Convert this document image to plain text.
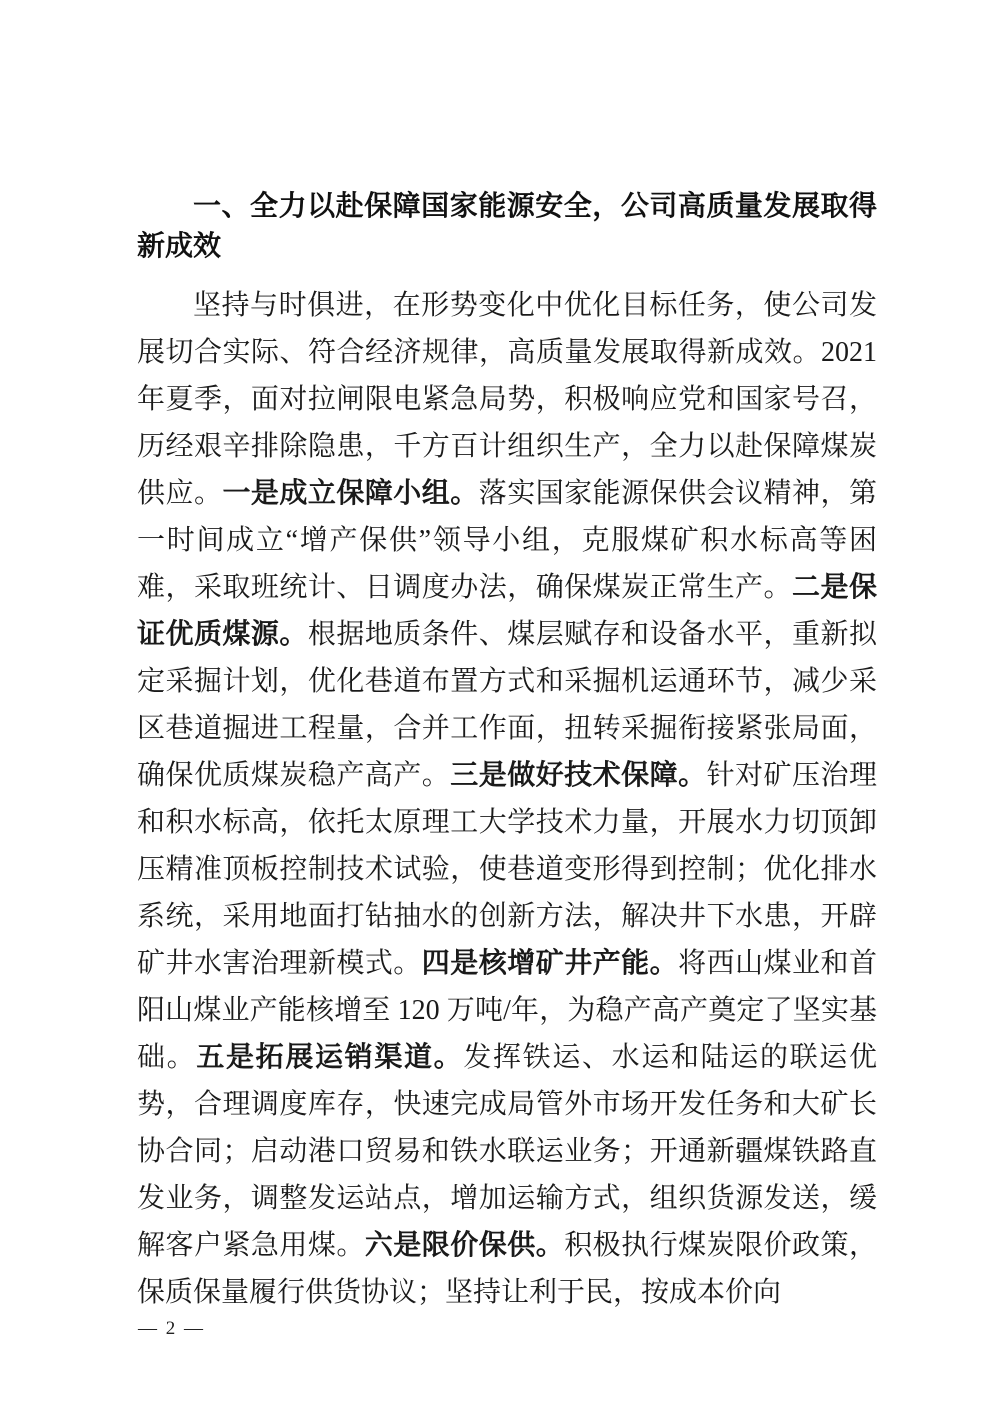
一、全力以赴保障国家能源安全，公司高质量发展取得新成效

坚持与时俱进，在形势变化中优化目标任务，使公司发展切合实际、符合经济规律，高质量发展取得新成效。2021 年夏季，面对拉闸限电紧急局势，积极响应党和国家号召，历经艰辛排除隐患，千方百计组织生产，全力以赴保障煤炭供应。一是成立保障小组。落实国家能源保供会议精神，第一时间成立“增产保供”领导小组，克服煤矿积水标高等困难，采取班统计、日调度办法，确保煤炭正常生产。二是保证优质煤源。根据地质条件、煤层赋存和设备水平，重新拟定采掘计划，优化巷道布置方式和采掘机运通环节，减少采区巷道掘进工程量，合并工作面，扭转采掘衔接紧张局面，确保优质煤炭稳产高产。三是做好技术保障。针对矿压治理和积水标高，依托太原理工大学技术力量，开展水力切顶卸压精准顶板控制技术试验，使巷道变形得到控制；优化排水系统，采用地面打钻抽水的创新方法，解决井下水患，开辟矿井水害治理新模式。四是核增矿井产能。将西山煤业和首阳山煤业产能核增至 120 万吨/年，为稳产高产奠定了坚实基础。五是拓展运销渠道。发挥铁运、水运和陆运的联运优势，合理调度库存，快速完成局管外市场开发任务和大矿长协合同；启动港口贸易和铁水联运业务；开通新疆煤铁路直发业务，调整发运站点，增加运输方式，组织货源发送，缓解客户紧急用煤。六是限价保供。积极执行煤炭限价政策，保质保量履行供货协议；坚持让利于民，按成本价向

— 2 —
